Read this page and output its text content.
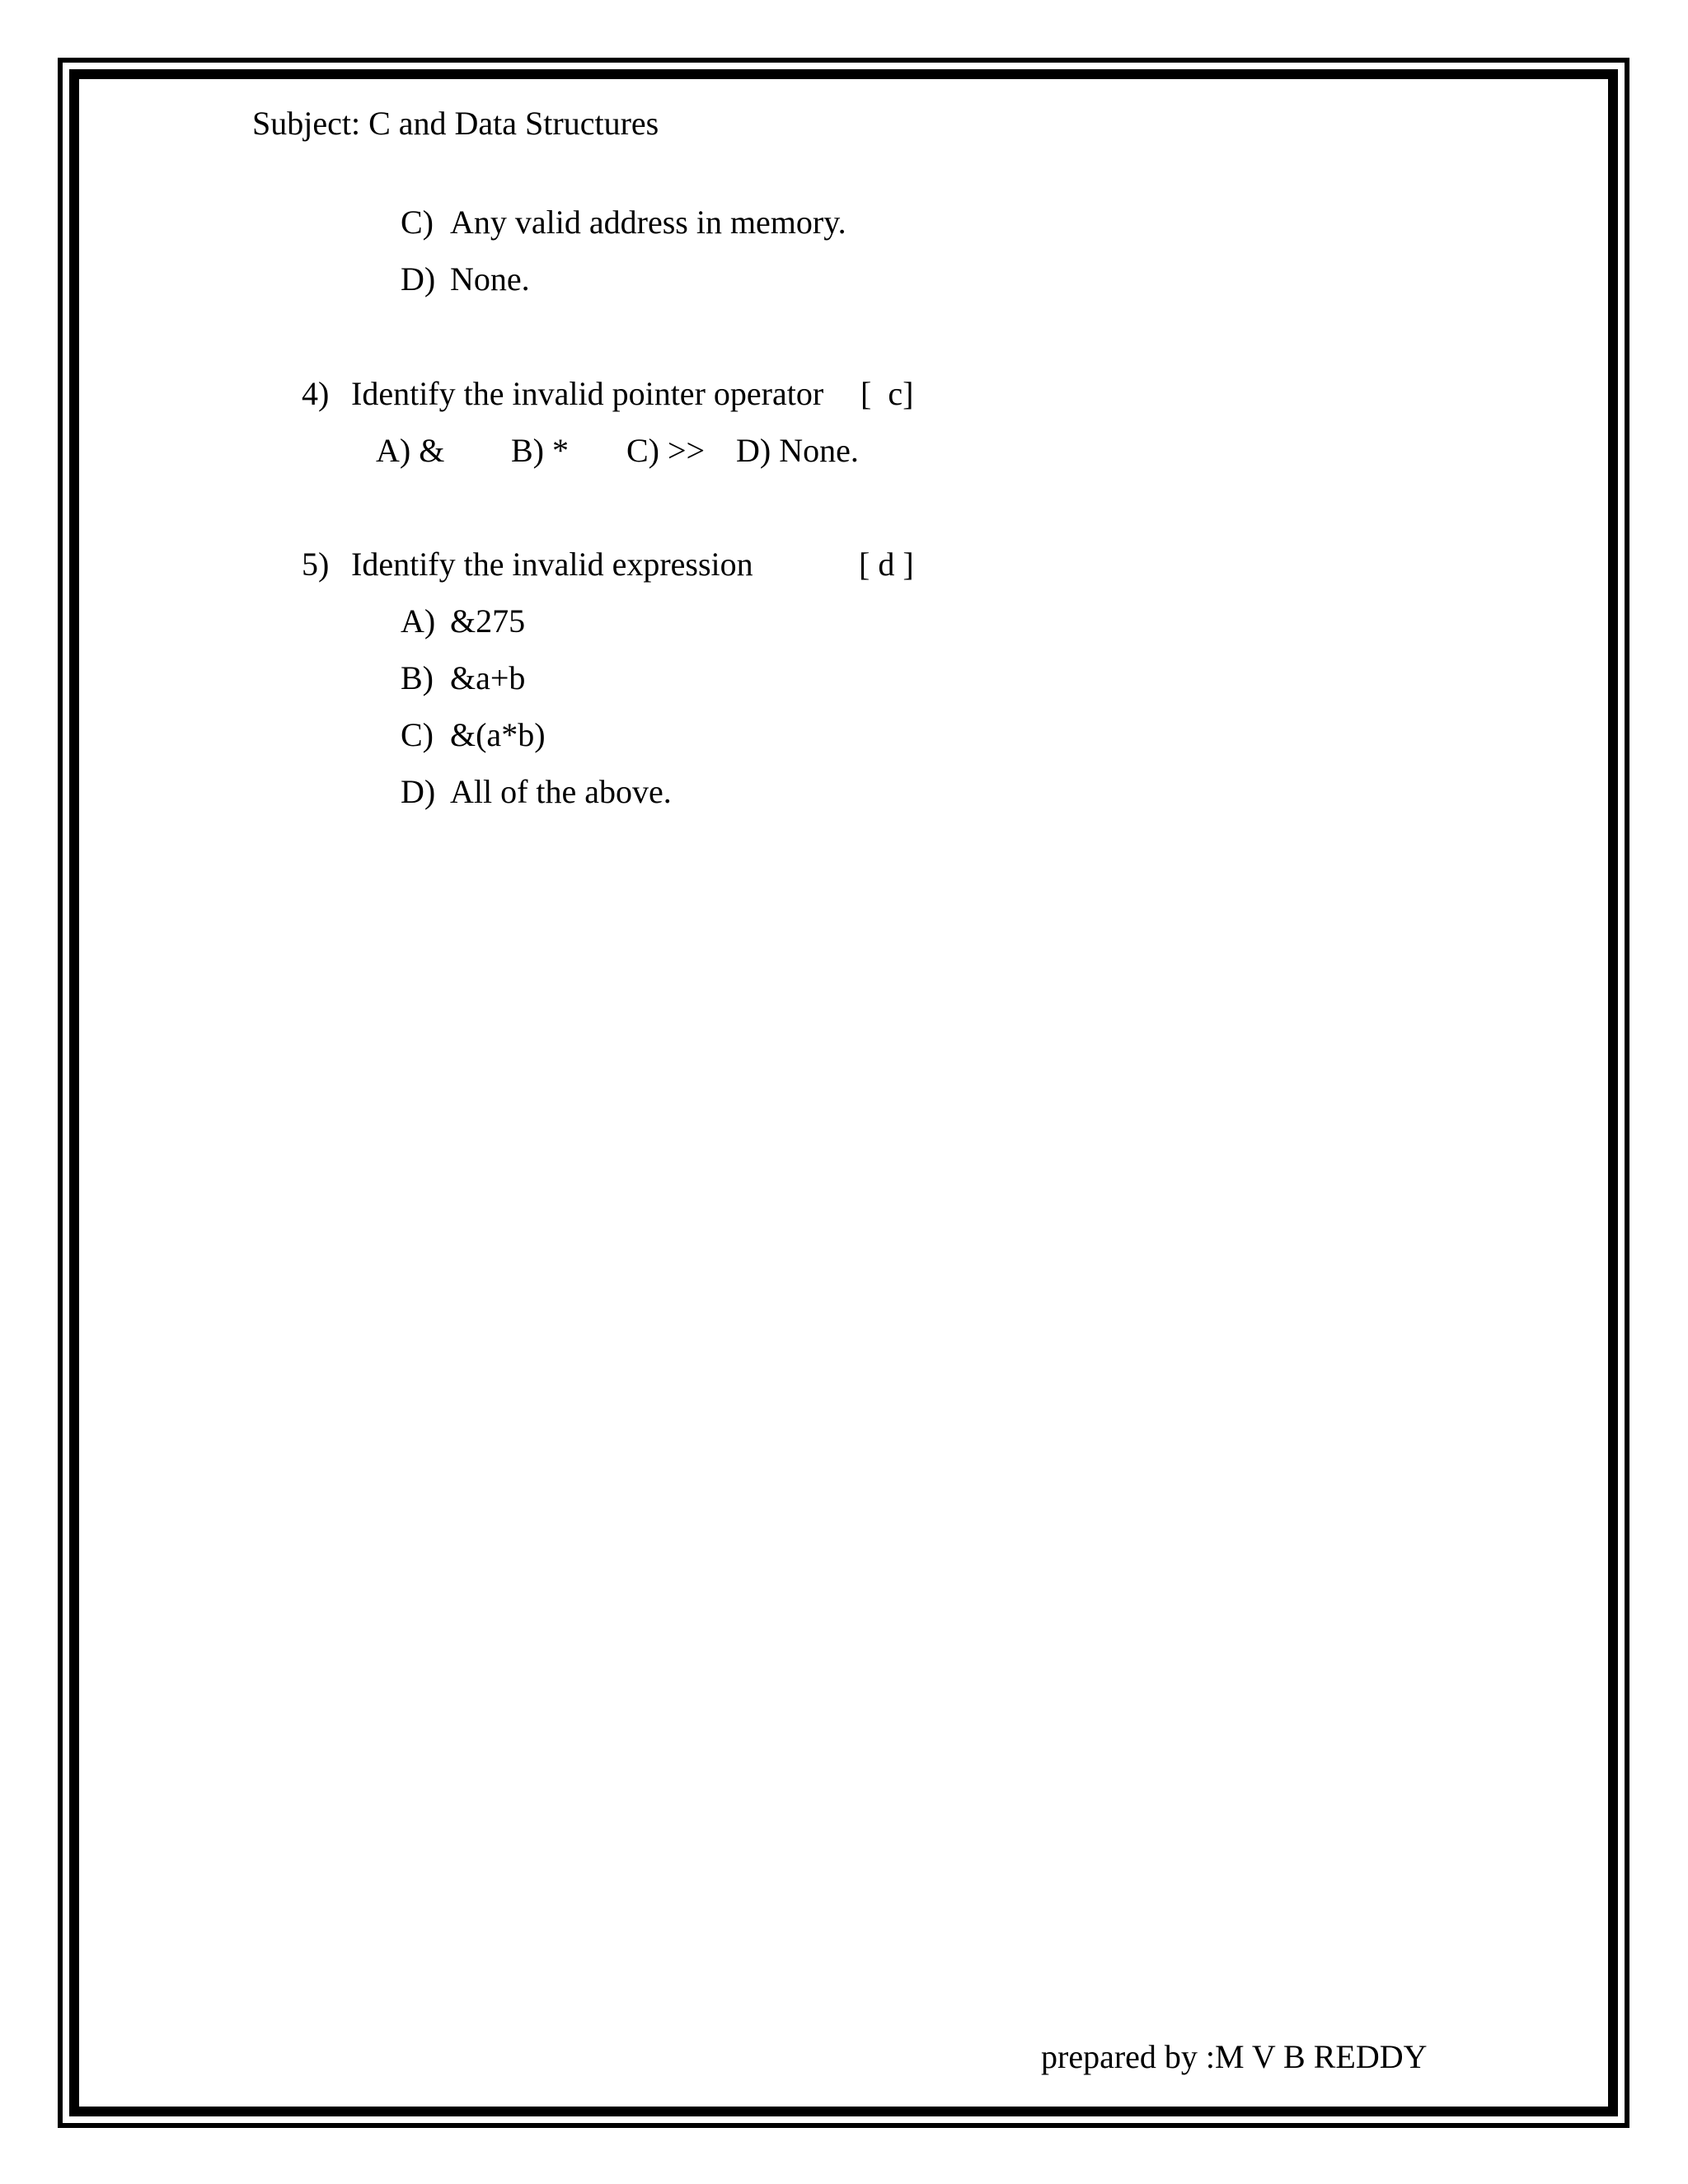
Subject: C and Data Structures

C)

Any valid address in memory.

D)

None.

4)

Identify the invalid pointer operator

[  c]

A) &

B) *

C) >>

D) None.

5)

Identify the invalid expression

	[ d ]

A)

&275

B)

&a+b

C)

&(a*b)

D)

All of the above.

prepared by :M V B REDDY
